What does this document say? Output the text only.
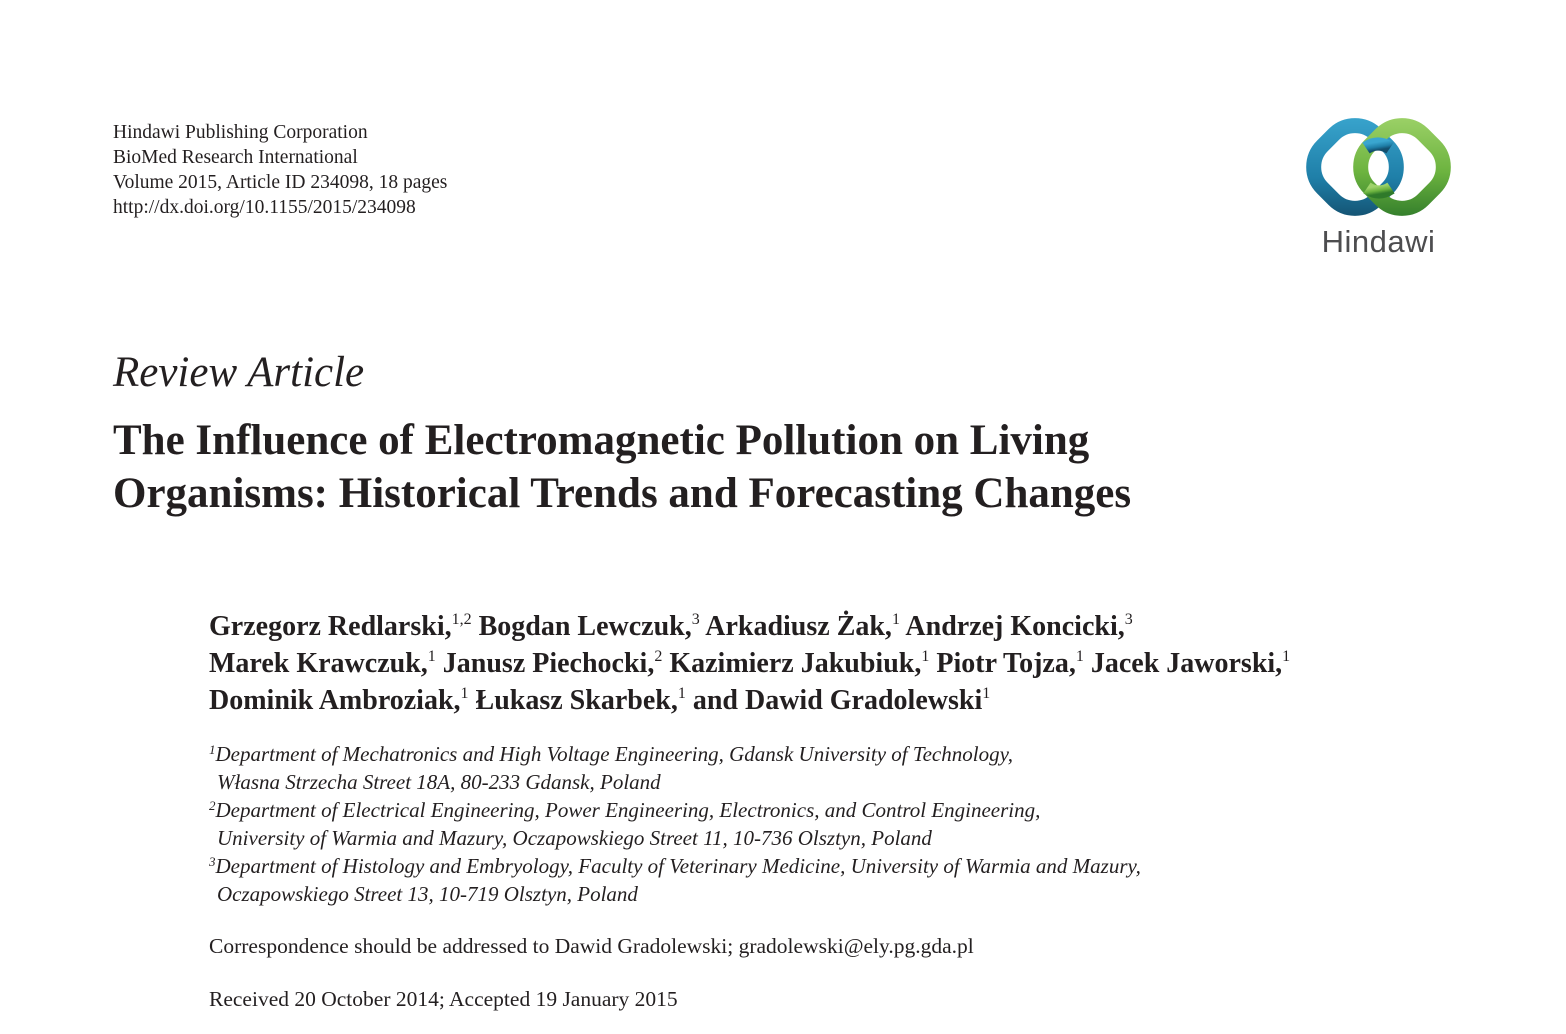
Hindawi Publishing Corporation
BioMed Research International
Volume 2015, Article ID 234098, 18 pages
http://dx.doi.org/10.1155/2015/234098
Hindawi
Review Article
The Influence of Electromagnetic Pollution on Living
Organisms: Historical Trends and Forecasting Changes
Grzegorz Redlarski,$^{1,2}$ Bogdan Lewczuk,$^3$ Arkadiusz Żak,$^1$ Andrzej Koncicki,$^3$
Marek Krawczuk,$^1$ Janusz Piechocki,$^2$ Kazimierz Jakubiuk,$^1$ Piotr Tojza,$^1$ Jacek Jaworski,$^1$
Dominik Ambroziak,$^1$ Łukasz Skarbek,$^1$ and Dawid Gradolewski$^1$
$^1$Department of Mechatronics and High Voltage Engineering, Gdansk University of Technology,
Własna Strzecha Street 18A, 80-233 Gdansk, Poland
$^2$Department of Electrical Engineering, Power Engineering, Electronics, and Control Engineering,
University of Warmia and Mazury, Oczapowskiego Street 11, 10-736 Olsztyn, Poland
$^3$Department of Histology and Embryology, Faculty of Veterinary Medicine, University of Warmia and Mazury,
Oczapowskiego Street 13, 10-719 Olsztyn, Poland
Correspondence should be addressed to Dawid Gradolewski; gradolewski@ely.pg.gda.pl
Received 20 October 2014; Accepted 19 January 2015
